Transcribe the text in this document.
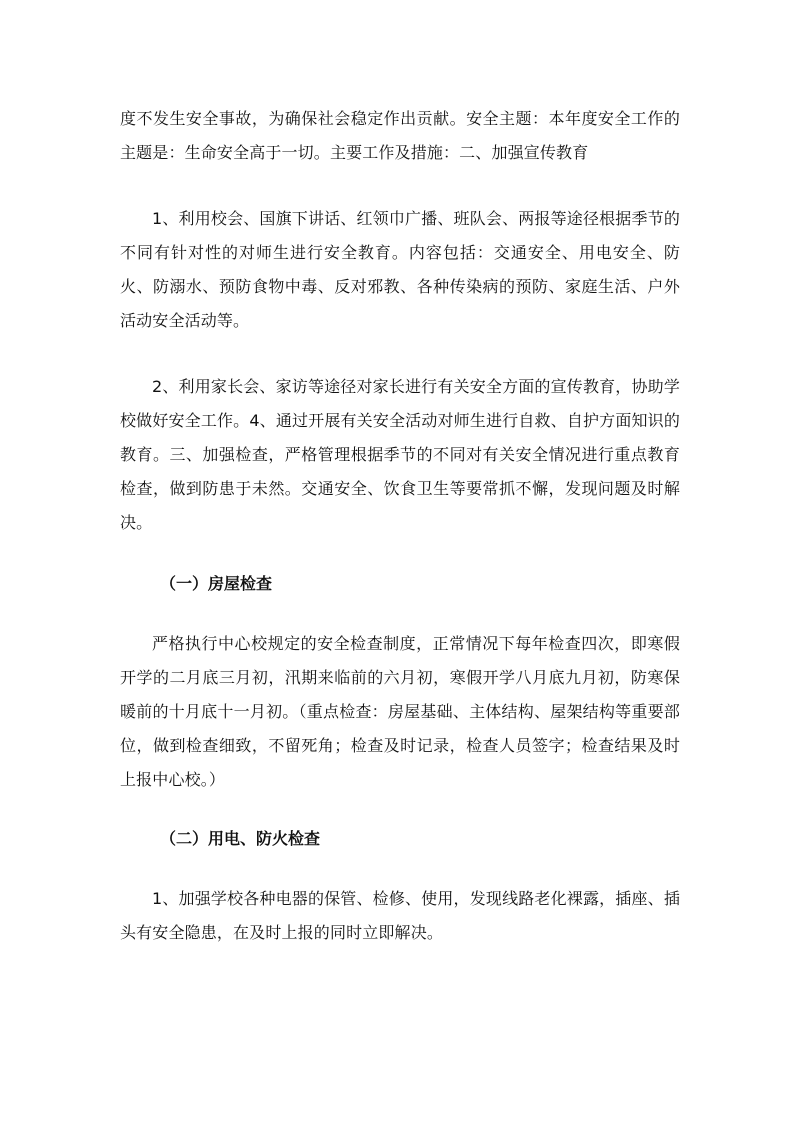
度不发生安全事故，为确保社会稳定作出贡献。安全主题：本年度安全工作的主题是：生命安全高于一切。主要工作及措施：二、加强宣传教育

1、利用校会、国旗下讲话、红领巾广播、班队会、两报等途径根据季节的不同有针对性的对师生进行安全教育。内容包括：交通安全、用电安全、防火、防溺水、预防食物中毒、反对邪教、各种传染病的预防、家庭生活、户外活动安全活动等。

2、利用家长会、家访等途径对家长进行有关安全方面的宣传教育，协助学校做好安全工作。4、通过开展有关安全活动对师生进行自救、自护方面知识的教育。三、加强检查，严格管理根据季节的不同对有关安全情况进行重点教育检查，做到防患于未然。交通安全、饮食卫生等要常抓不懈，发现问题及时解决。

（一）房屋检查

严格执行中心校规定的安全检查制度，正常情况下每年检查四次，即寒假开学的二月底三月初，汛期来临前的六月初，寒假开学八月底九月初，防寒保暖前的十月底十一月初。（重点检查：房屋基础、主体结构、屋架结构等重要部位，做到检查细致，不留死角；检查及时记录，检查人员签字；检查结果及时上报中心校。）

（二）用电、防火检查

1、加强学校各种电器的保管、检修、使用，发现线路老化裸露，插座、插头有安全隐患，在及时上报的同时立即解决。
